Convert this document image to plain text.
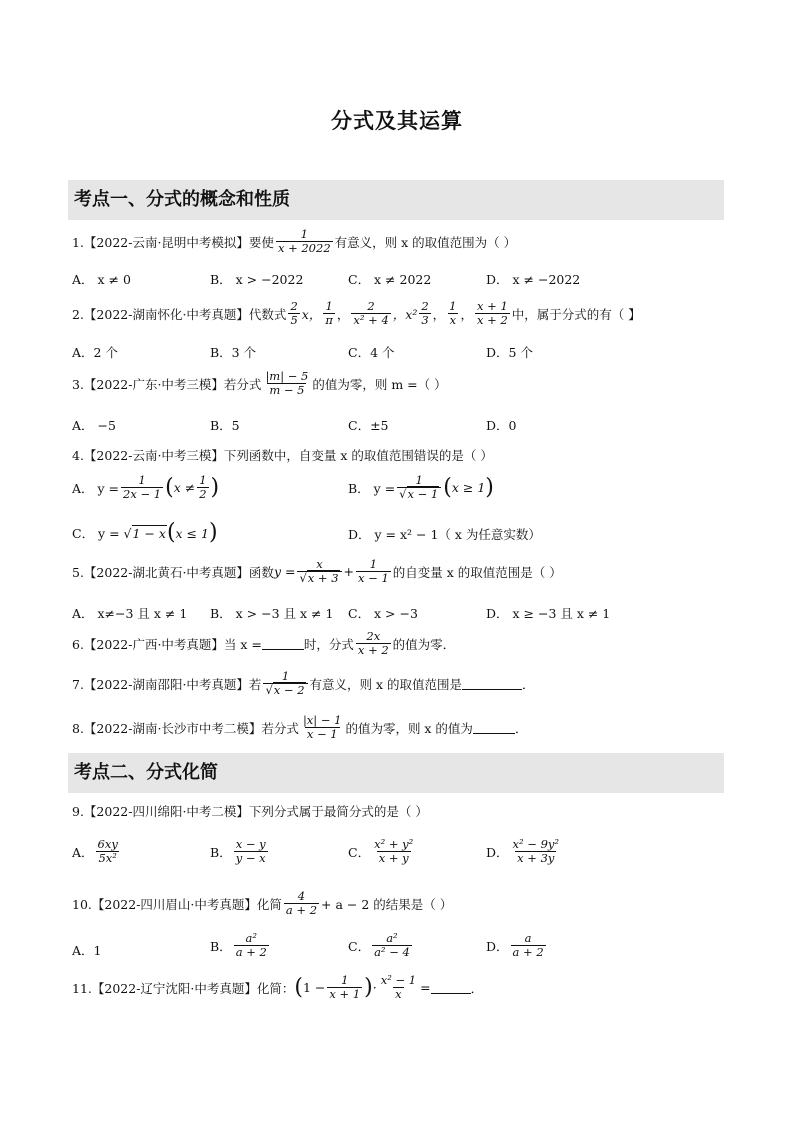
分式及其运算
考点一、分式的概念和性质
1.【2022-云南·昆明中考模拟】要使 $\frac{1}{x + 2022}$ 有意义，则 x 的取值范围为（ ）
A． x ≠ 0	B． x > −2022	C． x ≠ 2022	D． x ≠ −2022
2.【2022-湖南怀化·中考真题】代数式 $\frac{2}{5}$ x， $\frac{1}{\pi}$ ， $\frac{2}{\text{x² + 4}}$ ，$x^2 \frac{2}{3}$ ， $\frac{1}{x}$ ， $\frac{x + 1}{x + 2}$ 中，属于分式的有（ 】
A．2 个	B．3 个	C．4 个	D．5 个
3.【2022-广东·中考三模】若分式 $\frac{|m| - 5}{m - 5}$ 的值为零，则 m =（ ）
A． −5	B．5	C．±5	D．0
4.【2022-云南·中考三模】下列函数中，自变量 x 的取值范围错误的是（ ）
A． $y = \frac{1}{2x - 1}$ ( $x \ne \frac{1}{2}$ )	B． $y = \frac{1}{√x - 1}$ ( x ≥ 1 )
C． y = √ 1 − x ( x ≤ 1 )	D． y = x² − 1（ x 为任意实数）
5.【2022-湖北黄石·中考真题】函数 $y = \frac{x}{√x + 3} + \frac{1}{x - 1}$ 的自变量 x 的取值范围是（ ）
A． x≠−3 且 x ≠ 1 B． x > −3 且 x ≠ 1 C． x > −3	D． x ≥ −3 且 x ≠ 1
6.【2022-广西·中考真题】当 x =	时，分式 $\frac{2x}{x + 2}$ 的值为零．
7.【2022-湖南邵阳·中考真题】若 $\frac{1}{√x - 2}$ 有意义，则 x 的取值范围是	．
8.【2022-湖南·长沙市中考二模】若分式 $\frac{|x| - 1}{x - 1}$ 的值为零，则 x 的值为	．
考点二、分式化简
9.【2022-四川绵阳·中考二模】下列分式属于最简分式的是（ ）
A． $\frac{6xy}{\text{5x²}}$	B． $\frac{x - y}{y - x}$	C． $\frac{\text{x² + y²}}{x + y}$	D． $\frac{\text{x² − 9y²}}{x + 3y}$
10.【2022-四川眉山·中考真题】化简 $\frac{4}{a + 2} + a - 2$ 的结果是（ ）
A．1	B． $\frac{\text{a²}}{a + 2}$	C． $\frac{\text{a²}}{\text{a² − 4}}$	D． $\frac{a}{a + 2}$
11.【2022-辽宁沈阳·中考真题】化简： ( $1 - \frac{1}{x + 1}$ ) · $\frac{\text{x² − 1}}{x}$ =	．
